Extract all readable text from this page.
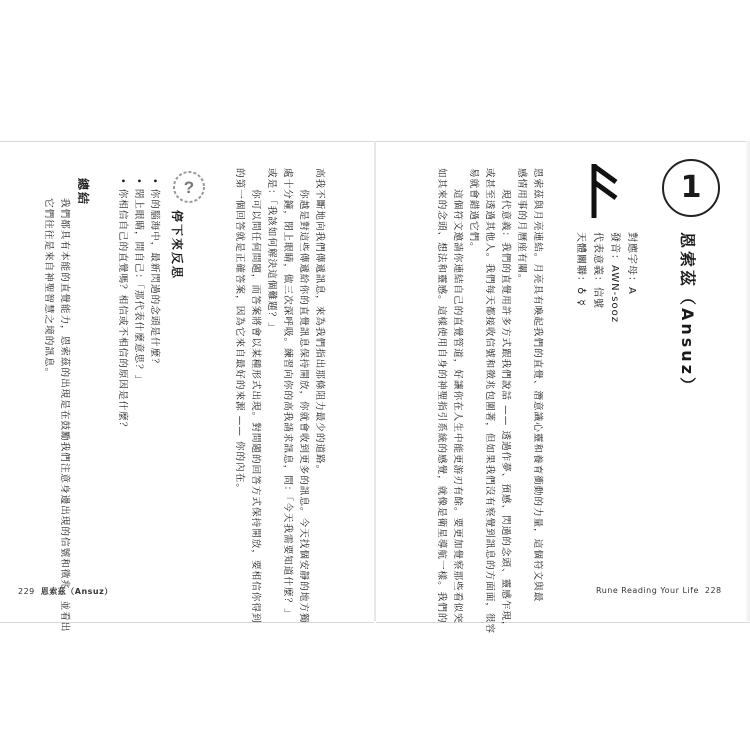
1
恩索茲（Ansuz）
對應字母：A
發音：AWN-sooz
代表意義：信號
天體關聯：♁ ☿
恩索茲與月亮連結。月亮具有喚起我們的直覺、潛意識心靈和養育衝動的力量，這個符文與最
感情用事的月曆座有關。
　　現代意義：我們的直覺用許多方式跟我們說話 —— 透過作夢、預感、閃過的念頭、靈感乍現，
或甚至透過其他人。我們每天都接收信號和徵兆包圍著，但如果我們沒有察覺到訊息的方面面，很容
易就會錯過它們。
　　這個符文邀請你連結自己的直覺管道，好讓你在人生中能更游刃有餘。要更加覺察那些看似突
如其來的念頭、想法和靈感。這樣使用自身的神聖指引系統的感覺，就像是衛星導航一樣。我們的	Rune Reading Your Life 228
高我不斷地向我們傳遞訊息，來為我們指出那條阻力最少的道路。
　　你越是對這些傳遞給你的直覺訊息保持開放，你就會收到更多的訊息。今天找個安靜的地方獨
處十分鐘，閉上眼睛，做三次深呼吸。練習向你的高我請求訊息，問：「今天我需要知道什麼？」
或是：「我該如何解決這個難題？」
　　你可以問任何問題，而答案將會以某種形式出現。對問題的回答方式保持開放，要相信你得到
的第一個回答就是正確答案，因為它來自最好的來源 —— 你的內在。
?
停下來反思
• 你的腦海中，最新閃過的念頭是什麼？
• 閉上眼睛，問自己：「那代表什麼意思？」
• 你相信自己的直覺嗎？相信或不相信的原因是什麼？
總結
我們都具有本能的直覺能力，恩索茲的出現是在鼓勵我們注意身邊出現的信號和徵兆，並看出
它們往往是來自神聖智慧之境的訊息。
229 恩索茲（Ansuz）
